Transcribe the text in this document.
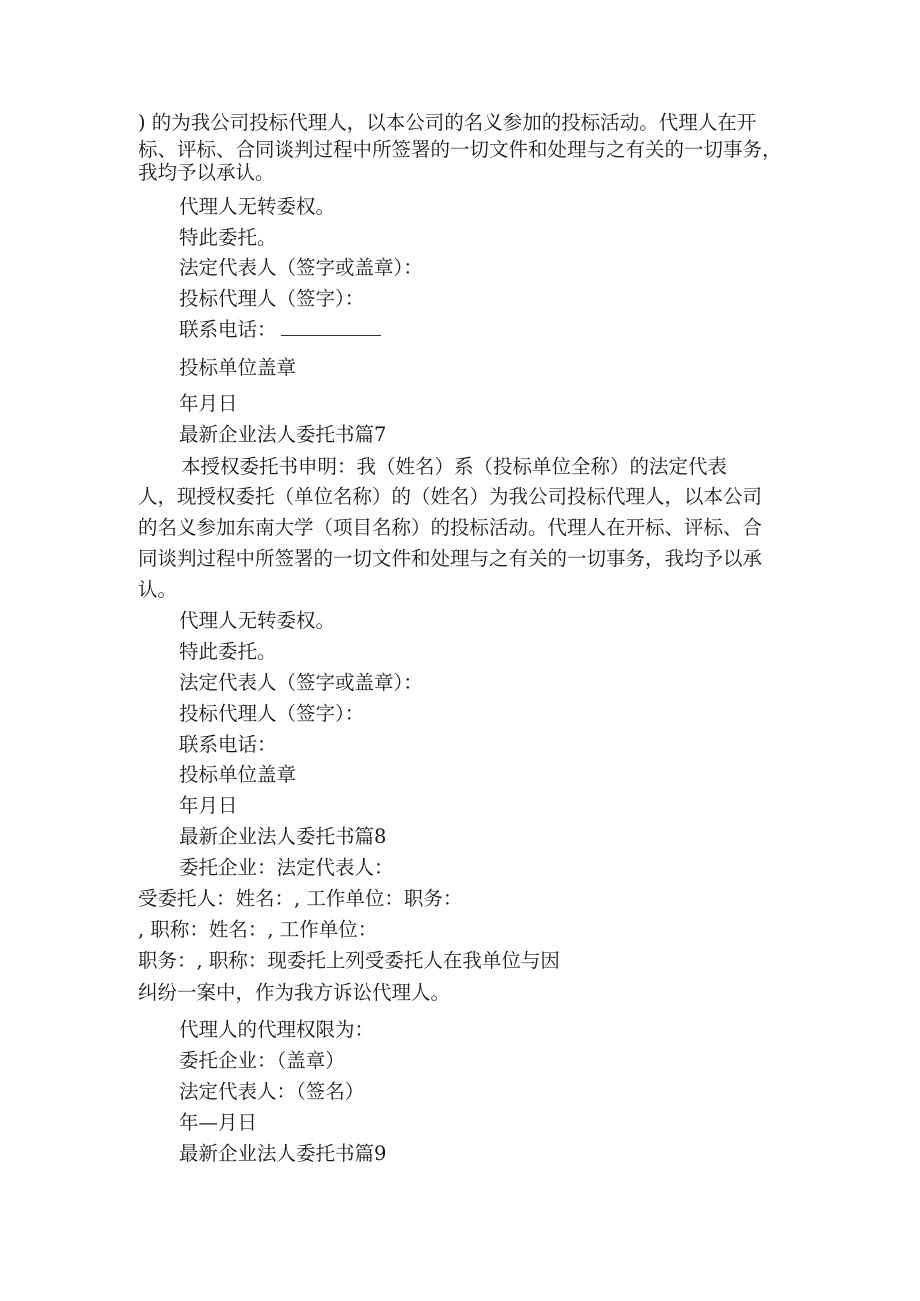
) 的为我公司投标代理人，以本公司的名义参加的投标活动。代理人在开
标、评标、合同谈判过程中所签署的一切文件和处理与之有关的一切事务，
我均予以承认。
代理人无转委权。
特此委托。
法定代表人（签字或盖章）：
投标代理人（签字）：
联系电话：
投标单位盖章
年月日
最新企业法人委托书篇7
本授权委托书申明：我（姓名）系（投标单位全称）的法定代表
人，现授权委托（单位名称）的（姓名）为我公司投标代理人，以本公司
的名义参加东南大学（项目名称）的投标活动。代理人在开标、评标、合
同谈判过程中所签署的一切文件和处理与之有关的一切事务，我均予以承
认。
代理人无转委权。
特此委托。
法定代表人（签字或盖章）：
投标代理人（签字）：
联系电话：
投标单位盖章
年月日
最新企业法人委托书篇8
委托企业：法定代表人：
受委托人：姓名：, 工作单位：职务：
, 职称：姓名：, 工作单位：
职务：, 职称：现委托上列受委托人在我单位与因
纠纷一案中，作为我方诉讼代理人。
代理人的代理权限为：
委托企业：（盖章）
法定代表人：（签名）
年—月日
最新企业法人委托书篇9
